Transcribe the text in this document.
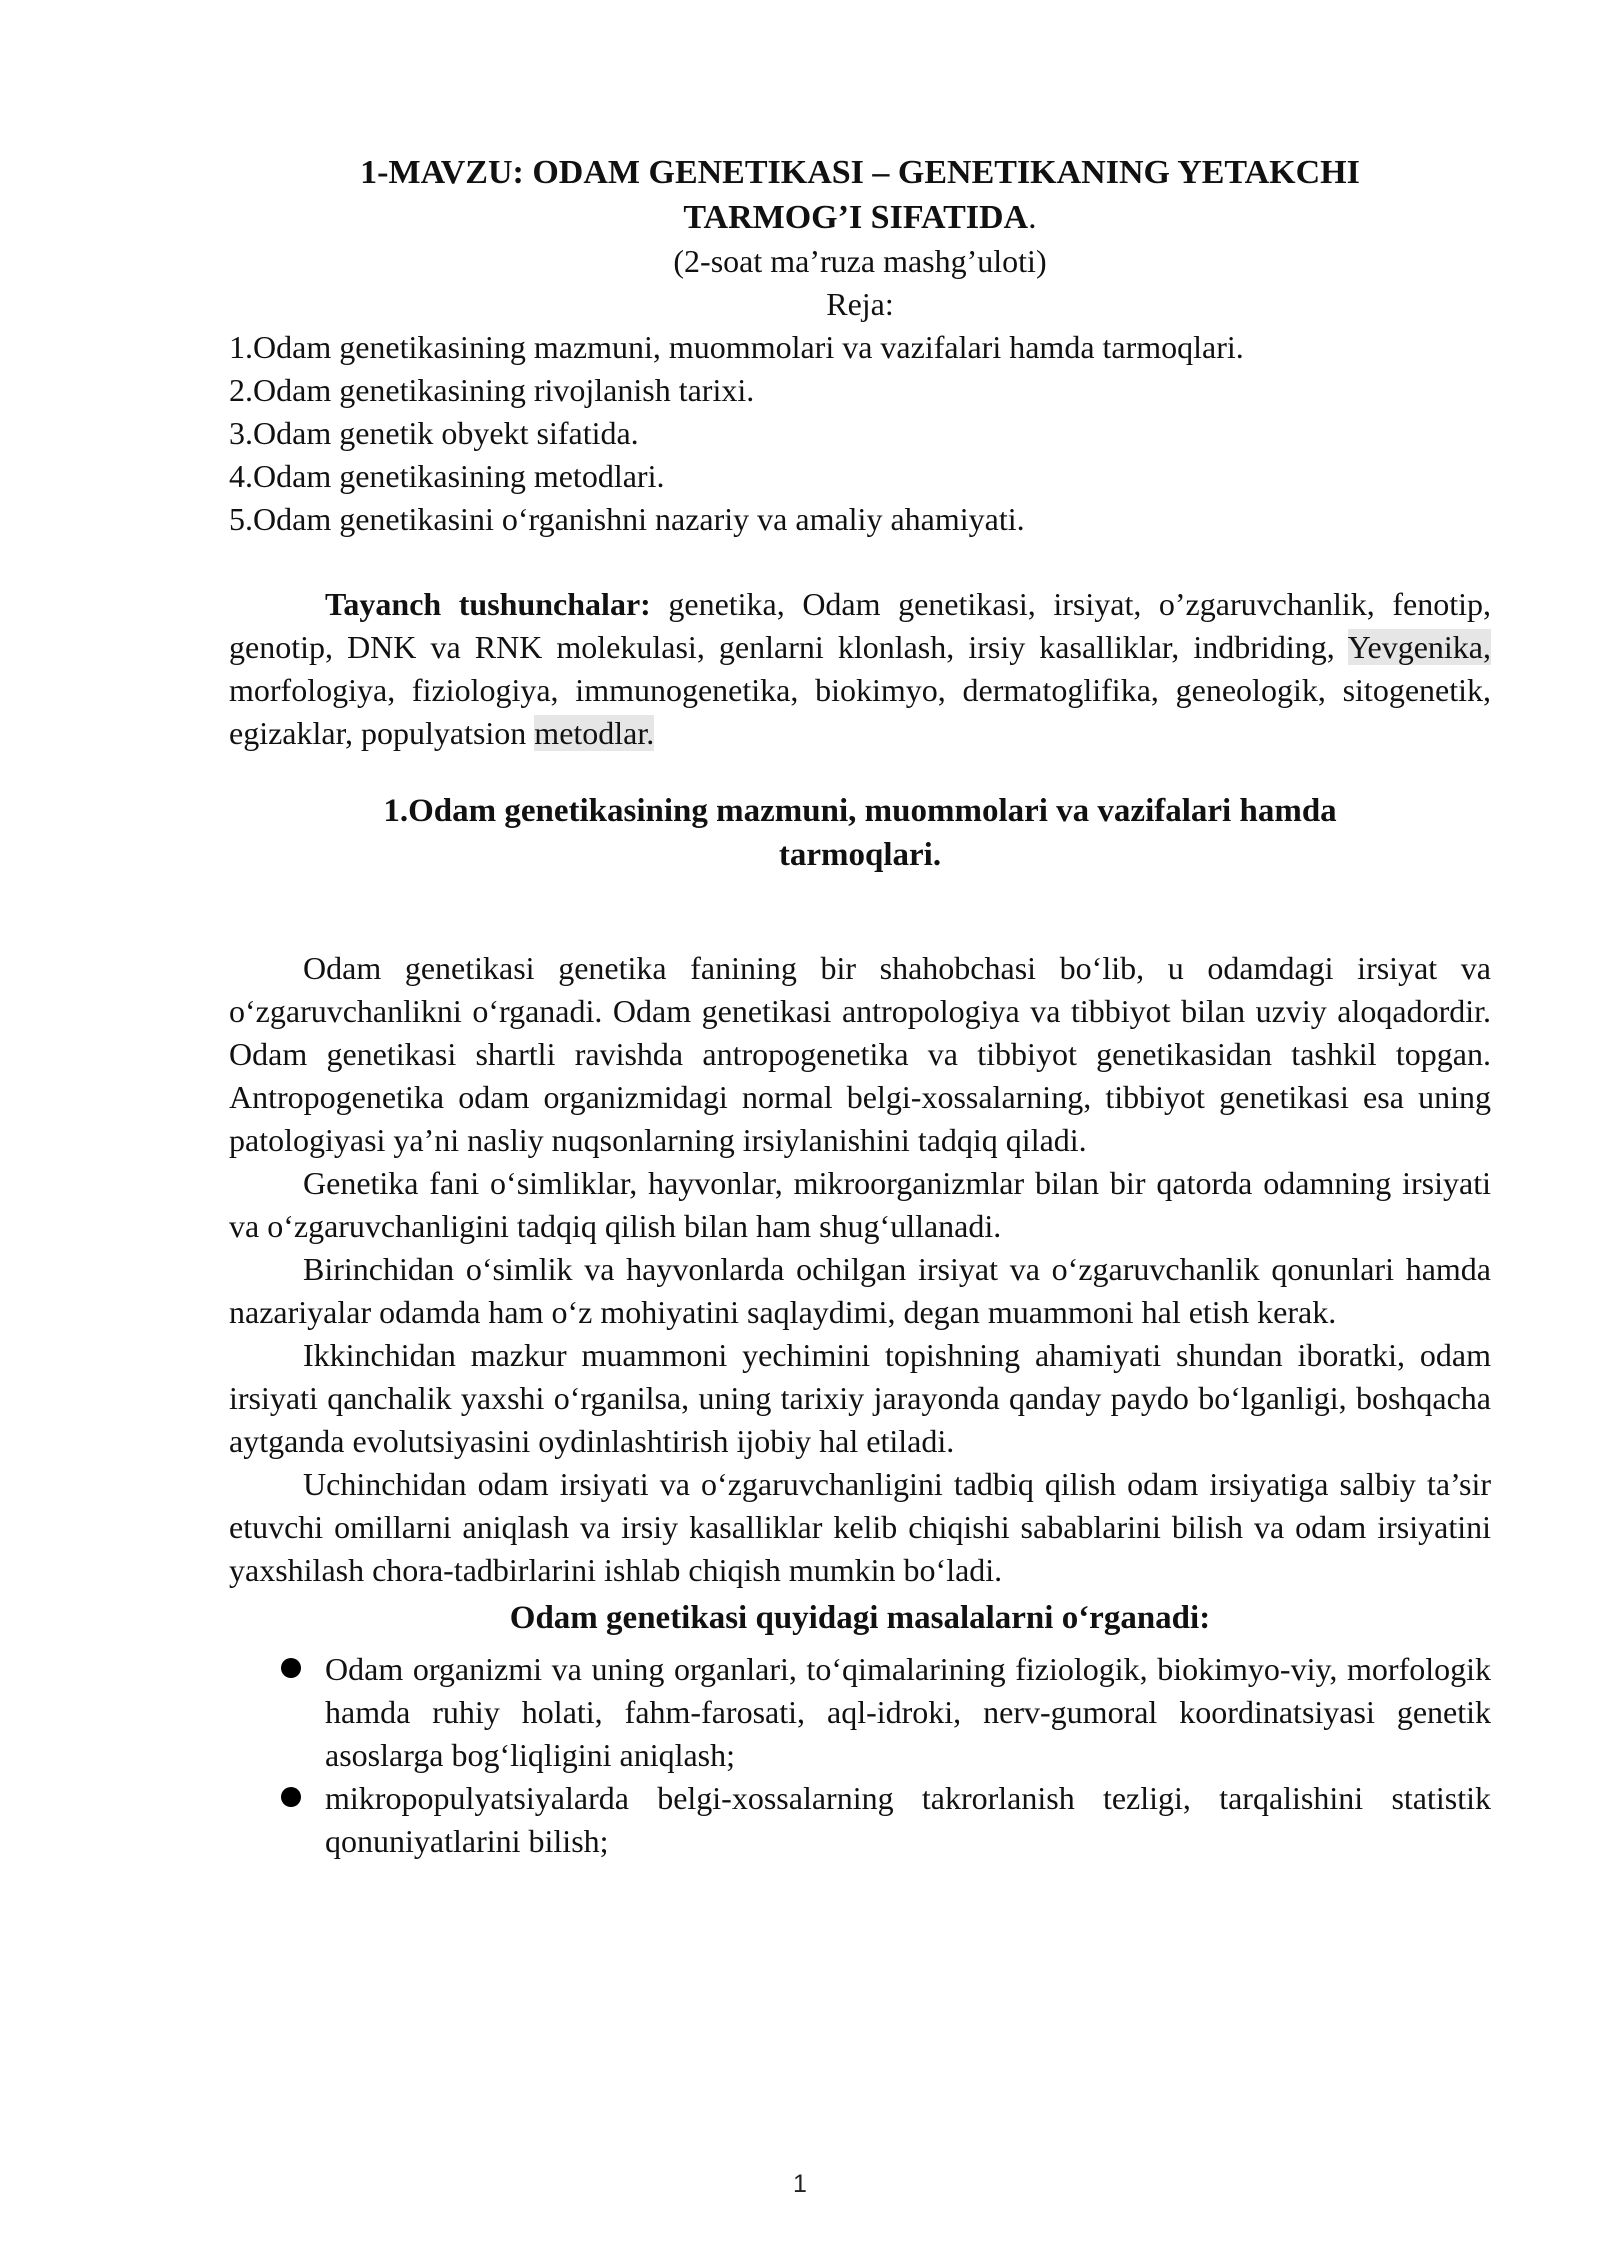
1-MAVZU: ODAM GENETIKASI – GENETIKANING YETAKCHI
TARMOG’I SIFATIDA.

(2-soat ma’ruza mashg’uloti)

Reja:

1.Odam genetikasining mazmuni, muommolari va vazifalari hamda tarmoqlari.
2.Odam genetikasining rivojlanish tarixi.
3.Odam genetik obyekt sifatida.
4.Odam genetikasining metodlari.
5.Odam genetikasini o‘rganishni nazariy va amaliy ahamiyati.

Tayanch tushunchalar: genetika, Odam genetikasi, irsiyat, o’zgaruvchanlik, fenotip, genotip, DNK va RNK molekulasi, genlarni klonlash, irsiy kasalliklar, indbriding, Yevgenika, morfologiya, fiziologiya, immunogenetika, biokimyo, dermatoglifika, geneologik, sitogenetik, egizaklar, populyatsion metodlar.

1.Odam genetikasining mazmuni, muommolari va vazifalari hamda
tarmoqlari.

Odam genetikasi genetika fanining bir shahobchasi bo‘lib, u odamdagi irsiyat va o‘zgaruvchanlikni o‘rganadi. Odam genetikasi antropologiya va tibbiyot bilan uzviy aloqadordir. Odam genetikasi shartli ravishda antropogenetika va tibbiyot genetikasidan tashkil topgan. Antropogenetika odam organizmidagi normal belgi-xossalarning, tibbiyot genetikasi esa uning patologiyasi ya’ni nasliy nuqsonlarning irsiylanishini tadqiq qiladi.

Genetika fani o‘simliklar, hayvonlar, mikroorganizmlar bilan bir qatorda odamning irsiyati va o‘zgaruvchanligini tadqiq qilish bilan ham shug‘ullanadi.

Birinchidan o‘simlik va hayvonlarda ochilgan irsiyat va o‘zgaruvchanlik qonunlari hamda nazariyalar odamda ham o‘z mohiyatini saqlaydimi, degan muammoni hal etish kerak.

Ikkinchidan mazkur muammoni yechimini topishning ahamiyati shundan iboratki, odam irsiyati qanchalik yaxshi o‘rganilsa, uning tarixiy jarayonda qanday paydo bo‘lganligi, boshqacha aytganda evolutsiyasini oydinlashtirish ijobiy hal etiladi.

Uchinchidan odam irsiyati va o‘zgaruvchanligini tadbiq qilish odam irsiyatiga salbiy ta’sir etuvchi omillarni aniqlash va irsiy kasalliklar kelib chiqishi sabablarini bilish va odam irsiyatini yaxshilash chora-tadbirlarini ishlab chiqish mumkin bo‘ladi.

Odam genetikasi quyidagi masalalarni o‘rganadi:

Odam organizmi va uning organlari, to‘qimalarining fiziologik, biokimyo-viy, morfologik hamda ruhiy holati, fahm-farosati, aql-idroki, nerv-gumoral koordinatsiyasi genetik asoslarga bog‘liqligini aniqlash;
mikropopulyatsiyalarda belgi-xossalarning takrorlanish tezligi, tarqalishini statistik qonuniyatlarini bilish;
1
